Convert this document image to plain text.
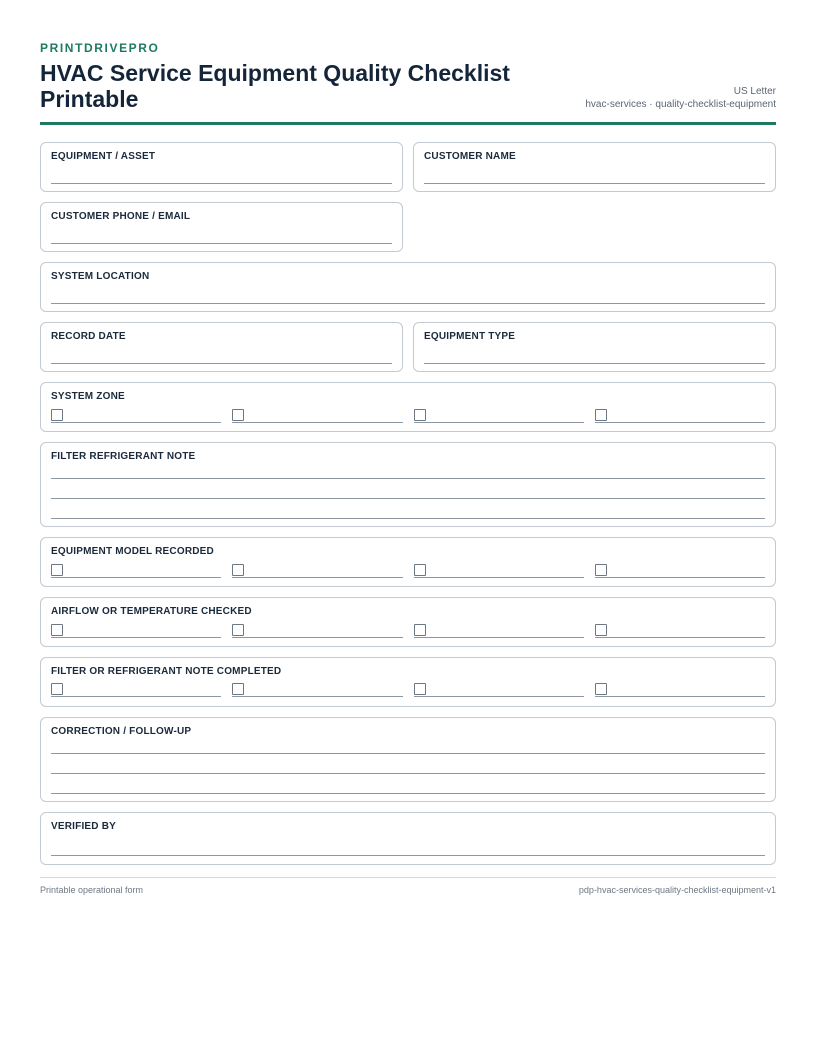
PRINTDRIVEPRO
HVAC Service Equipment Quality Checklist Printable	US Letter
hvac-services · quality-checklist-equipment
EQUIPMENT / ASSET	CUSTOMER NAME
CUSTOMER PHONE / EMAIL
SYSTEM LOCATION
RECORD DATE	EQUIPMENT TYPE
SYSTEM ZONE
FILTER REFRIGERANT NOTE
EQUIPMENT MODEL RECORDED
AIRFLOW OR TEMPERATURE CHECKED
FILTER OR REFRIGERANT NOTE COMPLETED
CORRECTION / FOLLOW-UP
VERIFIED BY
Printable operational form	pdp-hvac-services-quality-checklist-equipment-v1
